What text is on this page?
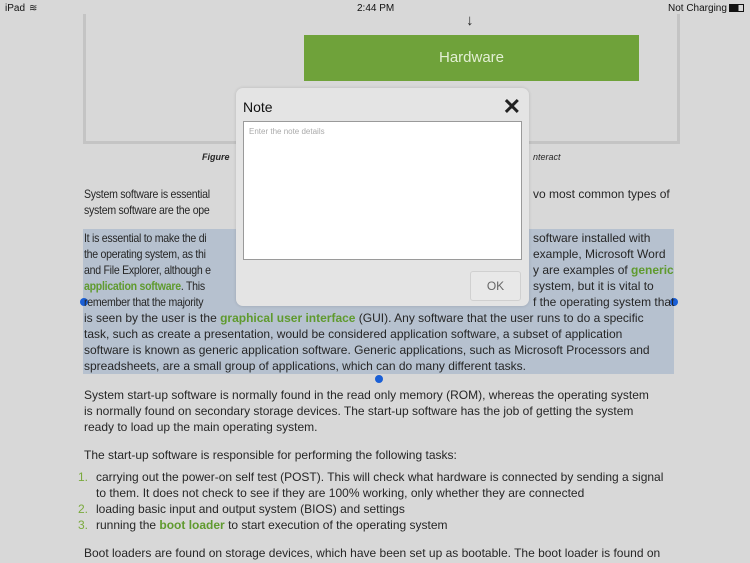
iPad ≋	2:44 PM	Not Charging
↓
Hardware
Figure	nteract
System software is essential	vo most common types of
system software are the ope
It is essential to make the di	software installed with
the operating system, as thi	example, Microsoft Word
and File Explorer, although e	y are examples of generic
application software. This	system, but it is vital to
remember that the majority	f the operating system that
is seen by the user is the graphical user interface (GUI). Any software that the user runs to do a specific
task, such as create a presentation, would be considered application software, a subset of application
software is known as generic application software. Generic applications, such as Microsoft Processors and
spreadsheets, are a small group of applications, which can do many different tasks.
System start-up software is normally found in the read only memory (ROM), whereas the operating system
is normally found on secondary storage devices. The start-up software has the job of getting the system
ready to load up the main operating system.
The start-up software is responsible for performing the following tasks:
1. carrying out the power-on self test (POST). This will check what hardware is connected by sending a signal
to them. It does not check to see if they are 100% working, only whether they are connected
2. loading basic input and output system (BIOS) and settings
3. running the boot loader to start execution of the operating system
Boot loaders are found on storage devices, which have been set up as bootable. The boot loader is found on
Note	✕
Enter the note details
OK
